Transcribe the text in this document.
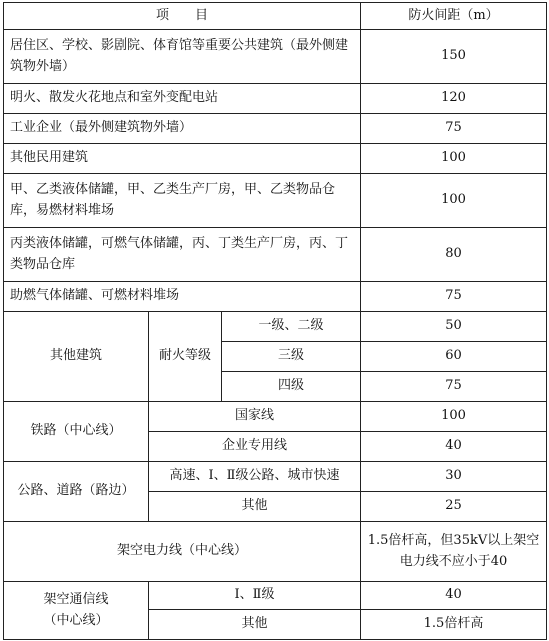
项　　目			防火间距（m）
居住区、学校、影剧院、体育馆等重要公共建筑（最外侧建筑物外墙）			150
明火、散发火花地点和室外变配电站			120
工业企业（最外侧建筑物外墙）			75
其他民用建筑			100
甲、乙类液体储罐，甲、乙类生产厂房，甲、乙类物品仓库，易燃材料堆场			100
丙类液体储罐，可燃气体储罐，丙、丁类生产厂房，丙、丁类物品仓库			80
助燃气体储罐、可燃材料堆场			75
其他建筑	耐火等级	一级、二级	50
		三级	60
		四级	75
铁路（中心线）	国家线		100
	企业专用线		40
公路、道路（路边）	高速、Ⅰ、Ⅱ级公路、城市快速		30
	其他		25
架空电力线（中心线）			1.5倍杆高，但35kV以上架空电力线不应小于40
架空通信线
（中心线）	Ⅰ、Ⅱ级		40
	其他		1.5倍杆高
